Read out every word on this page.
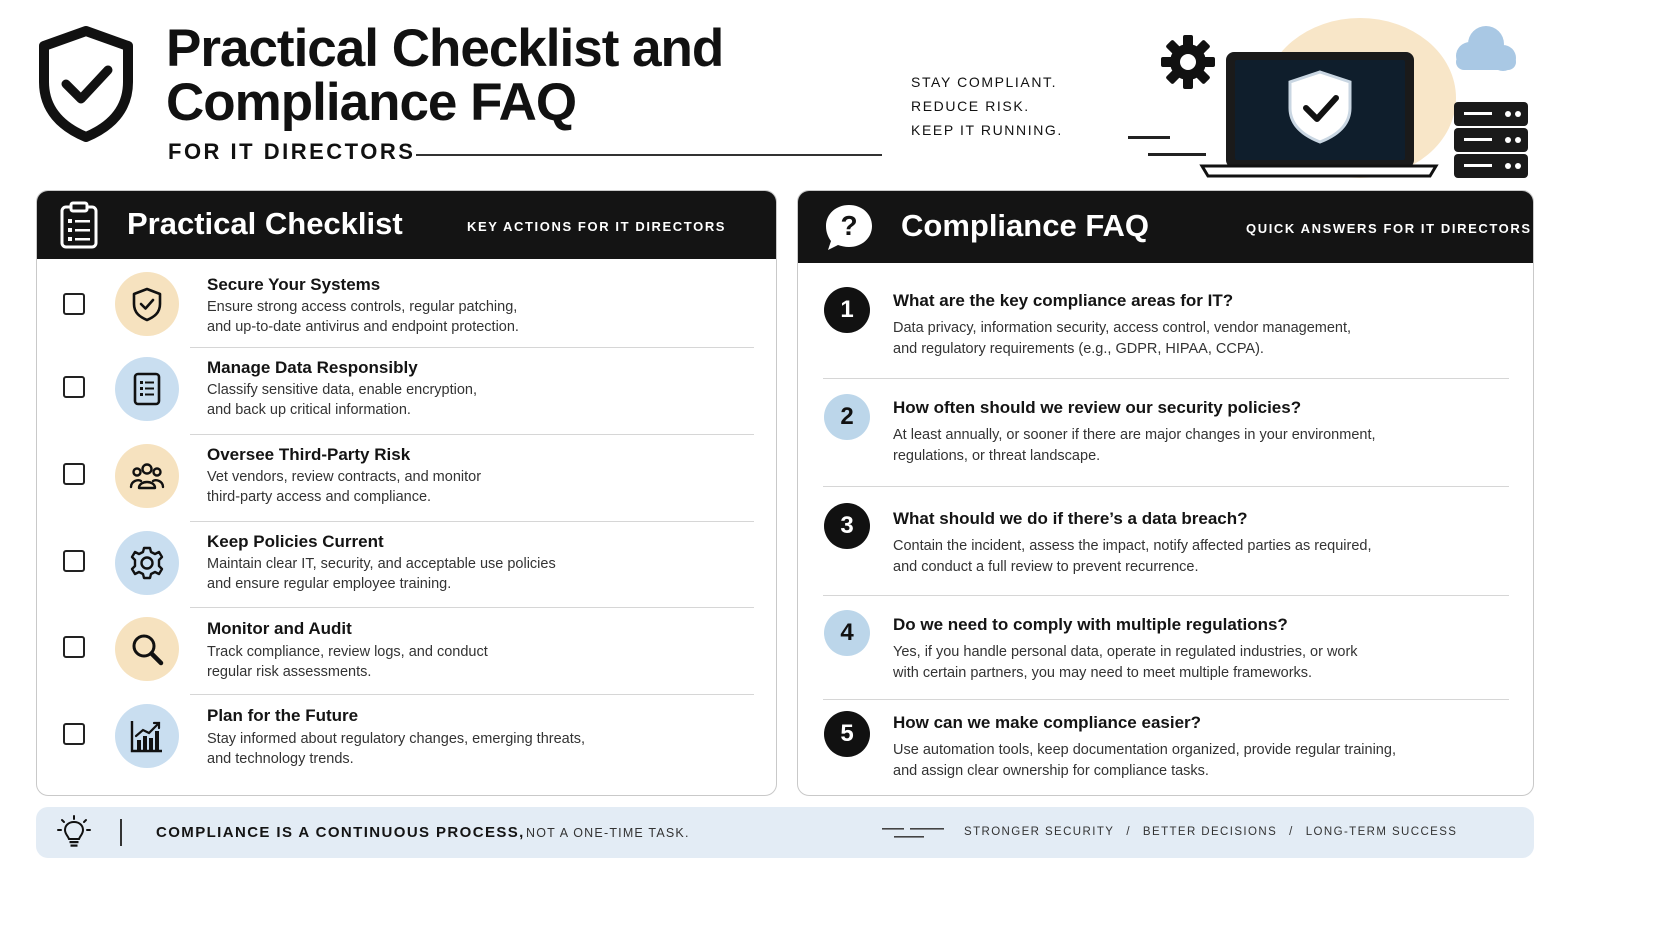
Practical Checklist and
Compliance FAQ
FOR IT DIRECTORS
STAY COMPLIANT.
REDUCE RISK.
KEEP IT RUNNING.
Practical Checklist	KEY ACTIONS FOR IT DIRECTORS
Secure Your Systems
Ensure strong access controls, regular patching,
and up-to-date antivirus and endpoint protection.
Manage Data Responsibly
Classify sensitive data, enable encryption,
and back up critical information.
Oversee Third-Party Risk
Vet vendors, review contracts, and monitor
third-party access and compliance.
Keep Policies Current
Maintain clear IT, security, and acceptable use policies
and ensure regular employee training.
Monitor and Audit
Track compliance, review logs, and conduct
regular risk assessments.
Plan for the Future
Stay informed about regulatory changes, emerging threats,
and technology trends.
? Compliance FAQ	QUICK ANSWERS FOR IT DIRECTORS
1	What are the key compliance areas for IT?
Data privacy, information security, access control, vendor management,
and regulatory requirements (e.g., GDPR, HIPAA, CCPA).
2	How often should we review our security policies?
At least annually, or sooner if there are major changes in your environment,
regulations, or threat landscape.
3	What should we do if there’s a data breach?
Contain the incident, assess the impact, notify affected parties as required,
and conduct a full review to prevent recurrence.
4	Do we need to comply with multiple regulations?
Yes, if you handle personal data, operate in regulated industries, or work
with certain partners, you may need to meet multiple frameworks.
5	How can we make compliance easier?
Use automation tools, keep documentation organized, provide regular training,
and assign clear ownership for compliance tasks.
COMPLIANCE IS A CONTINUOUS PROCESS, NOT A ONE-TIME TASK.	STRONGER SECURITY / BETTER DECISIONS / LONG-TERM SUCCESS
